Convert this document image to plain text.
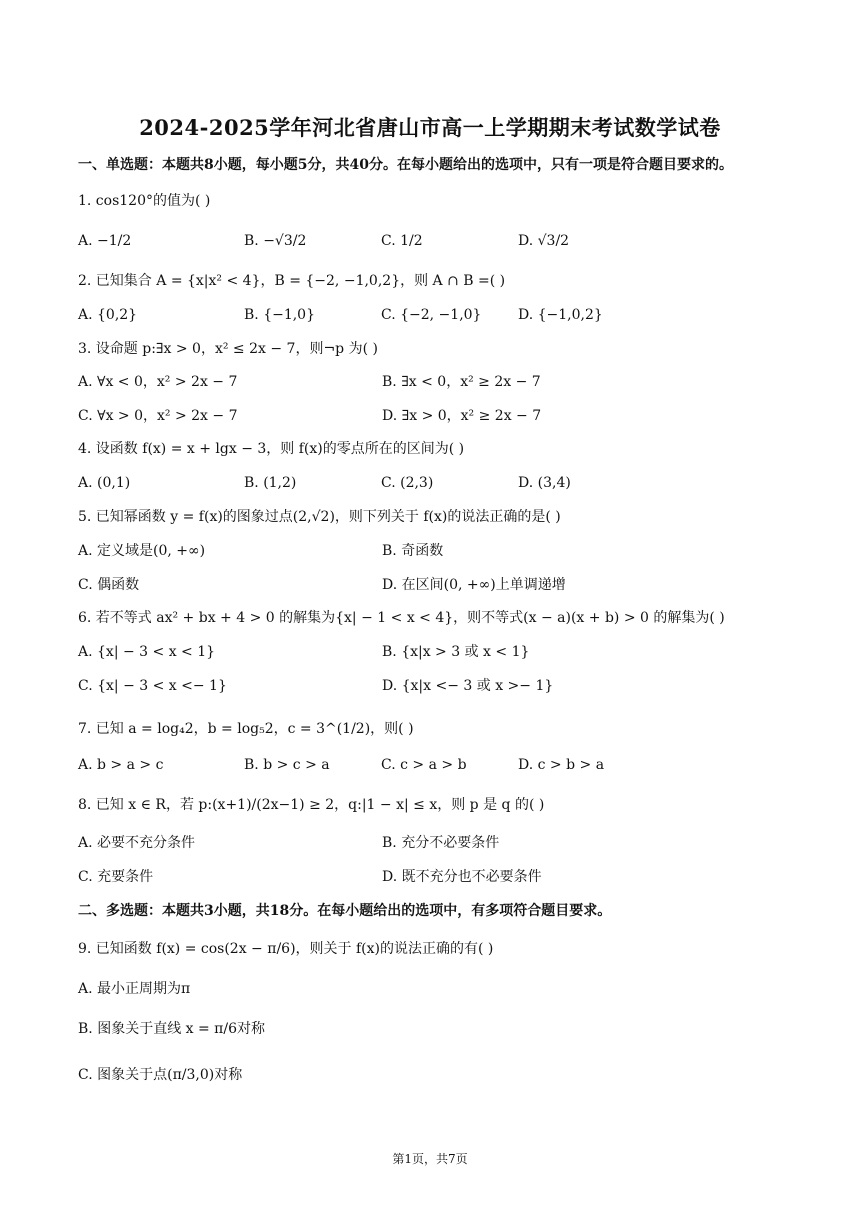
2024-2025学年河北省唐山市高一上学期期末考试数学试卷
一、单选题：本题共8小题，每小题5分，共40分。在每小题给出的选项中，只有一项是符合题目要求的。
1. cos120°的值为( )
A. −1/2	B. −√3/2	C. 1/2	D. √3/2
2. 已知集合 A = {x|x² < 4}，B = {−2, −1,0,2}，则 A ∩ B =( )
A. {0,2}	B. {−1,0}	C. {−2, −1,0}	D. {−1,0,2}
3. 设命题 p:∃x > 0，x² ≤ 2x − 7，则¬p 为( )
A. ∀x < 0，x² > 2x − 7	B. ∃x < 0，x² ≥ 2x − 7
C. ∀x > 0，x² > 2x − 7	D. ∃x > 0，x² ≥ 2x − 7
4. 设函数 f(x) = x + lgx − 3，则 f(x)的零点所在的区间为( )
A. (0,1)	B. (1,2)	C. (2,3)	D. (3,4)
5. 已知幂函数 y = f(x)的图象过点(2,√2)，则下列关于 f(x)的说法正确的是( )
A. 定义域是(0, +∞)	B. 奇函数
C. 偶函数	D. 在区间(0, +∞)上单调递增
6. 若不等式 ax² + bx + 4 > 0 的解集为{x| − 1 < x < 4}，则不等式(x − a)(x + b) > 0 的解集为( )
A. {x| − 3 < x < 1}	B. {x|x > 3 或 x < 1}
C. {x| − 3 < x <− 1}	D. {x|x <− 3 或 x >− 1}
7. 已知 a = log₄2，b = log₅2，c = 3^(1/2)，则( )
A. b > a > c	B. b > c > a	C. c > a > b	D. c > b > a
8. 已知 x ∈ R，若 p:(x+1)/(2x−1) ≥ 2，q:|1 − x| ≤ x，则 p 是 q 的( )
A. 必要不充分条件	B. 充分不必要条件
C. 充要条件	D. 既不充分也不必要条件
二、多选题：本题共3小题，共18分。在每小题给出的选项中，有多项符合题目要求。
9. 已知函数 f(x) = cos(2x − π/6)，则关于 f(x)的说法正确的有( )
A. 最小正周期为π
B. 图象关于直线 x = π/6对称
C. 图象关于点(π/3,0)对称
第1页，共7页
